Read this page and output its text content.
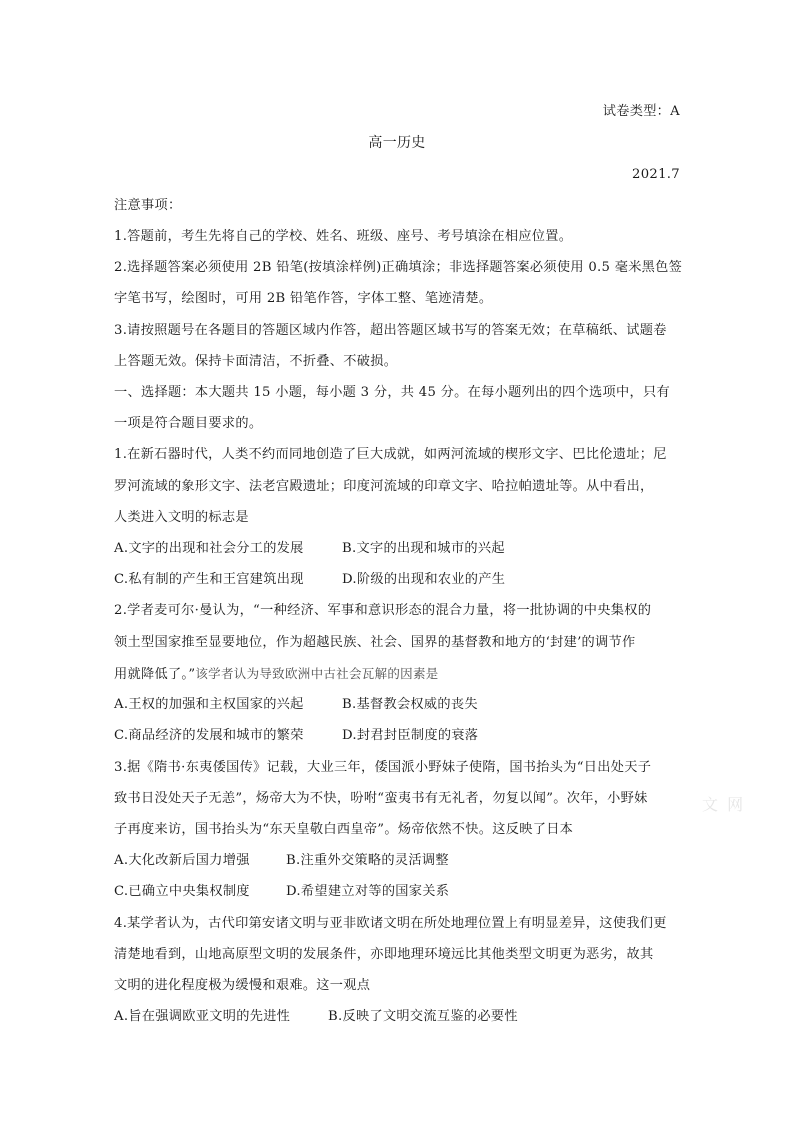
试卷类型：A
高一历史
2021.7
注意事项：
1.答题前，考生先将自己的学校、姓名、班级、座号、考号填涂在相应位置。
2.选择题答案必须使用 2B 铅笔(按填涂样例)正确填涂；非选择题答案必须使用 0.5 毫米黑色签
字笔书写，绘图时，可用 2B 铅笔作答，字体工整、笔迹清楚。
3.请按照题号在各题目的答题区域内作答，超出答题区域书写的答案无效；在草稿纸、试题卷
上答题无效。保持卡面清洁，不折叠、不破损。
一、选择题：本大题共 15 小题，每小题 3 分，共 45 分。在每小题列出的四个选项中，只有
一项是符合题目要求的。
1.在新石器时代，人类不约而同地创造了巨大成就，如两河流域的楔形文字、巴比伦遗址；尼
罗河流域的象形文字、法老宫殿遗址；印度河流域的印章文字、哈拉帕遗址等。从中看出，
人类进入文明的标志是
A.文字的出现和社会分工的发展	B.文字的出现和城市的兴起
C.私有制的产生和王宫建筑出现	D.阶级的出现和农业的产生
2.学者麦可尔·曼认为，“一种经济、军事和意识形态的混合力量，将一批协调的中央集权的
领土型国家推至显要地位，作为超越民族、社会、国界的基督教和地方的‘封建’的调节作
用就降低了。”该学者认为导致欧洲中古社会瓦解的因素是
A.王权的加强和主权国家的兴起	B.基督教会权威的丧失
C.商品经济的发展和城市的繁荣	D.封君封臣制度的衰落
3.据《隋书·东夷倭国传》记载，大业三年，倭国派小野妹子使隋，国书抬头为“日出处天子
致书日没处天子无恙”，炀帝大为不快，吩咐“蛮夷书有无礼者，勿复以闻”。次年，小野妹
子再度来访，国书抬头为“东天皇敬白西皇帝”。炀帝依然不快。这反映了日本
A.大化改新后国力增强	B.注重外交策略的灵活调整
C.已确立中央集权制度	D.希望建立对等的国家关系
4.某学者认为，古代印第安诸文明与亚非欧诸文明在所处地理位置上有明显差异，这使我们更
清楚地看到，山地高原型文明的发展条件，亦即地理环境远比其他类型文明更为恶劣，故其
文明的进化程度极为缓慢和艰难。这一观点
A.旨在强调欧亚文明的先进性	B.反映了文明交流互鉴的必要性
文 网
